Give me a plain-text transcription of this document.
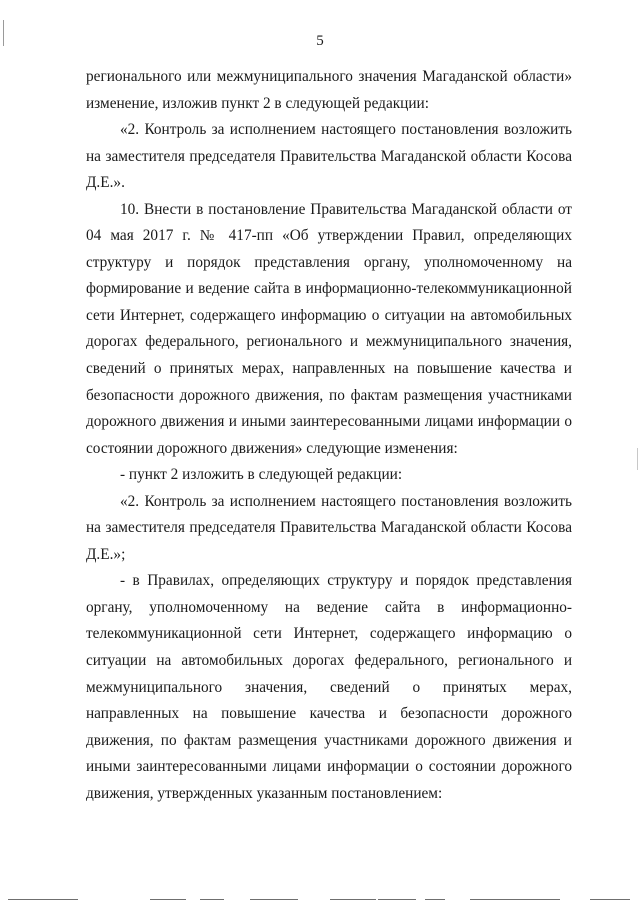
5

регионального или межмуниципального значения Магаданской области» изменение, изложив пункт 2 в следующей редакции:

«2. Контроль за исполнением настоящего постановления возложить на заместителя председателя Правительства Магаданской области Косова Д.Е.».

10. Внести в постановление Правительства Магаданской области от 04 мая 2017 г. № 417-пп «Об утверждении Правил, определяющих структуру и порядок представления органу, уполномоченному на формирование и ведение сайта в информационно-телекоммуникационной сети Интернет, содержащего информацию о ситуации на автомобильных дорогах федерального, регионального и межмуниципального значения, сведений о принятых мерах, направленных на повышение качества и безопасности дорожного движения, по фактам размещения участниками дорожного движения и иными заинтересованными лицами информации о состоянии дорожного движения» следующие изменения:

- пункт 2 изложить в следующей редакции:

«2. Контроль за исполнением настоящего постановления возложить на заместителя председателя Правительства Магаданской области Косова Д.Е.»;

- в Правилах, определяющих структуру и порядок представления органу, уполномоченному на ведение сайта в информационно-телекоммуникационной сети Интернет, содержащего информацию о ситуации на автомобильных дорогах федерального, регионального и межмуниципального значения, сведений о принятых мерах, направленных на повышение качества и безопасности дорожного движения, по фактам размещения участниками дорожного движения и иными заинтересованными лицами информации о состоянии дорожного движения, утвержденных указанным постановлением:
